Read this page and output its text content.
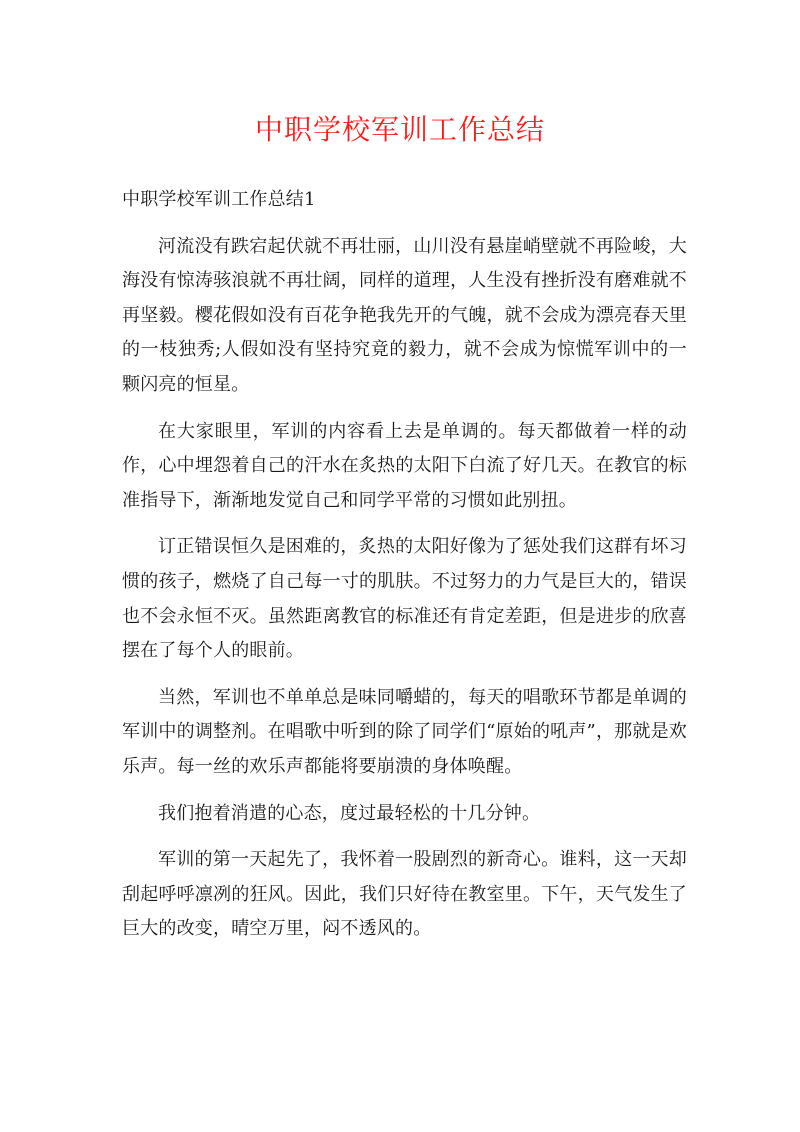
中职学校军训工作总结

中职学校军训工作总结1

河流没有跌宕起伏就不再壮丽，山川没有悬崖峭壁就不再险峻，大海没有惊涛骇浪就不再壮阔，同样的道理，人生没有挫折没有磨难就不再坚毅。樱花假如没有百花争艳我先开的气魄，就不会成为漂亮春天里的一枝独秀;人假如没有坚持究竟的毅力，就不会成为惊慌军训中的一颗闪亮的恒星。

在大家眼里，军训的内容看上去是单调的。每天都做着一样的动作，心中埋怨着自己的汗水在炙热的太阳下白流了好几天。在教官的标准指导下，渐渐地发觉自己和同学平常的习惯如此别扭。

订正错误恒久是困难的，炙热的太阳好像为了惩处我们这群有坏习惯的孩子，燃烧了自己每一寸的肌肤。不过努力的力气是巨大的，错误也不会永恒不灭。虽然距离教官的标准还有肯定差距，但是进步的欣喜摆在了每个人的眼前。

当然，军训也不单单总是味同嚼蜡的，每天的唱歌环节都是单调的军训中的调整剂。在唱歌中听到的除了同学们“原始的吼声”，那就是欢乐声。每一丝的欢乐声都能将要崩溃的身体唤醒。

我们抱着消遣的心态，度过最轻松的十几分钟。

军训的第一天起先了，我怀着一股剧烈的新奇心。谁料，这一天却刮起呼呼凛冽的狂风。因此，我们只好待在教室里。下午，天气发生了巨大的改变，晴空万里，闷不透风的。
